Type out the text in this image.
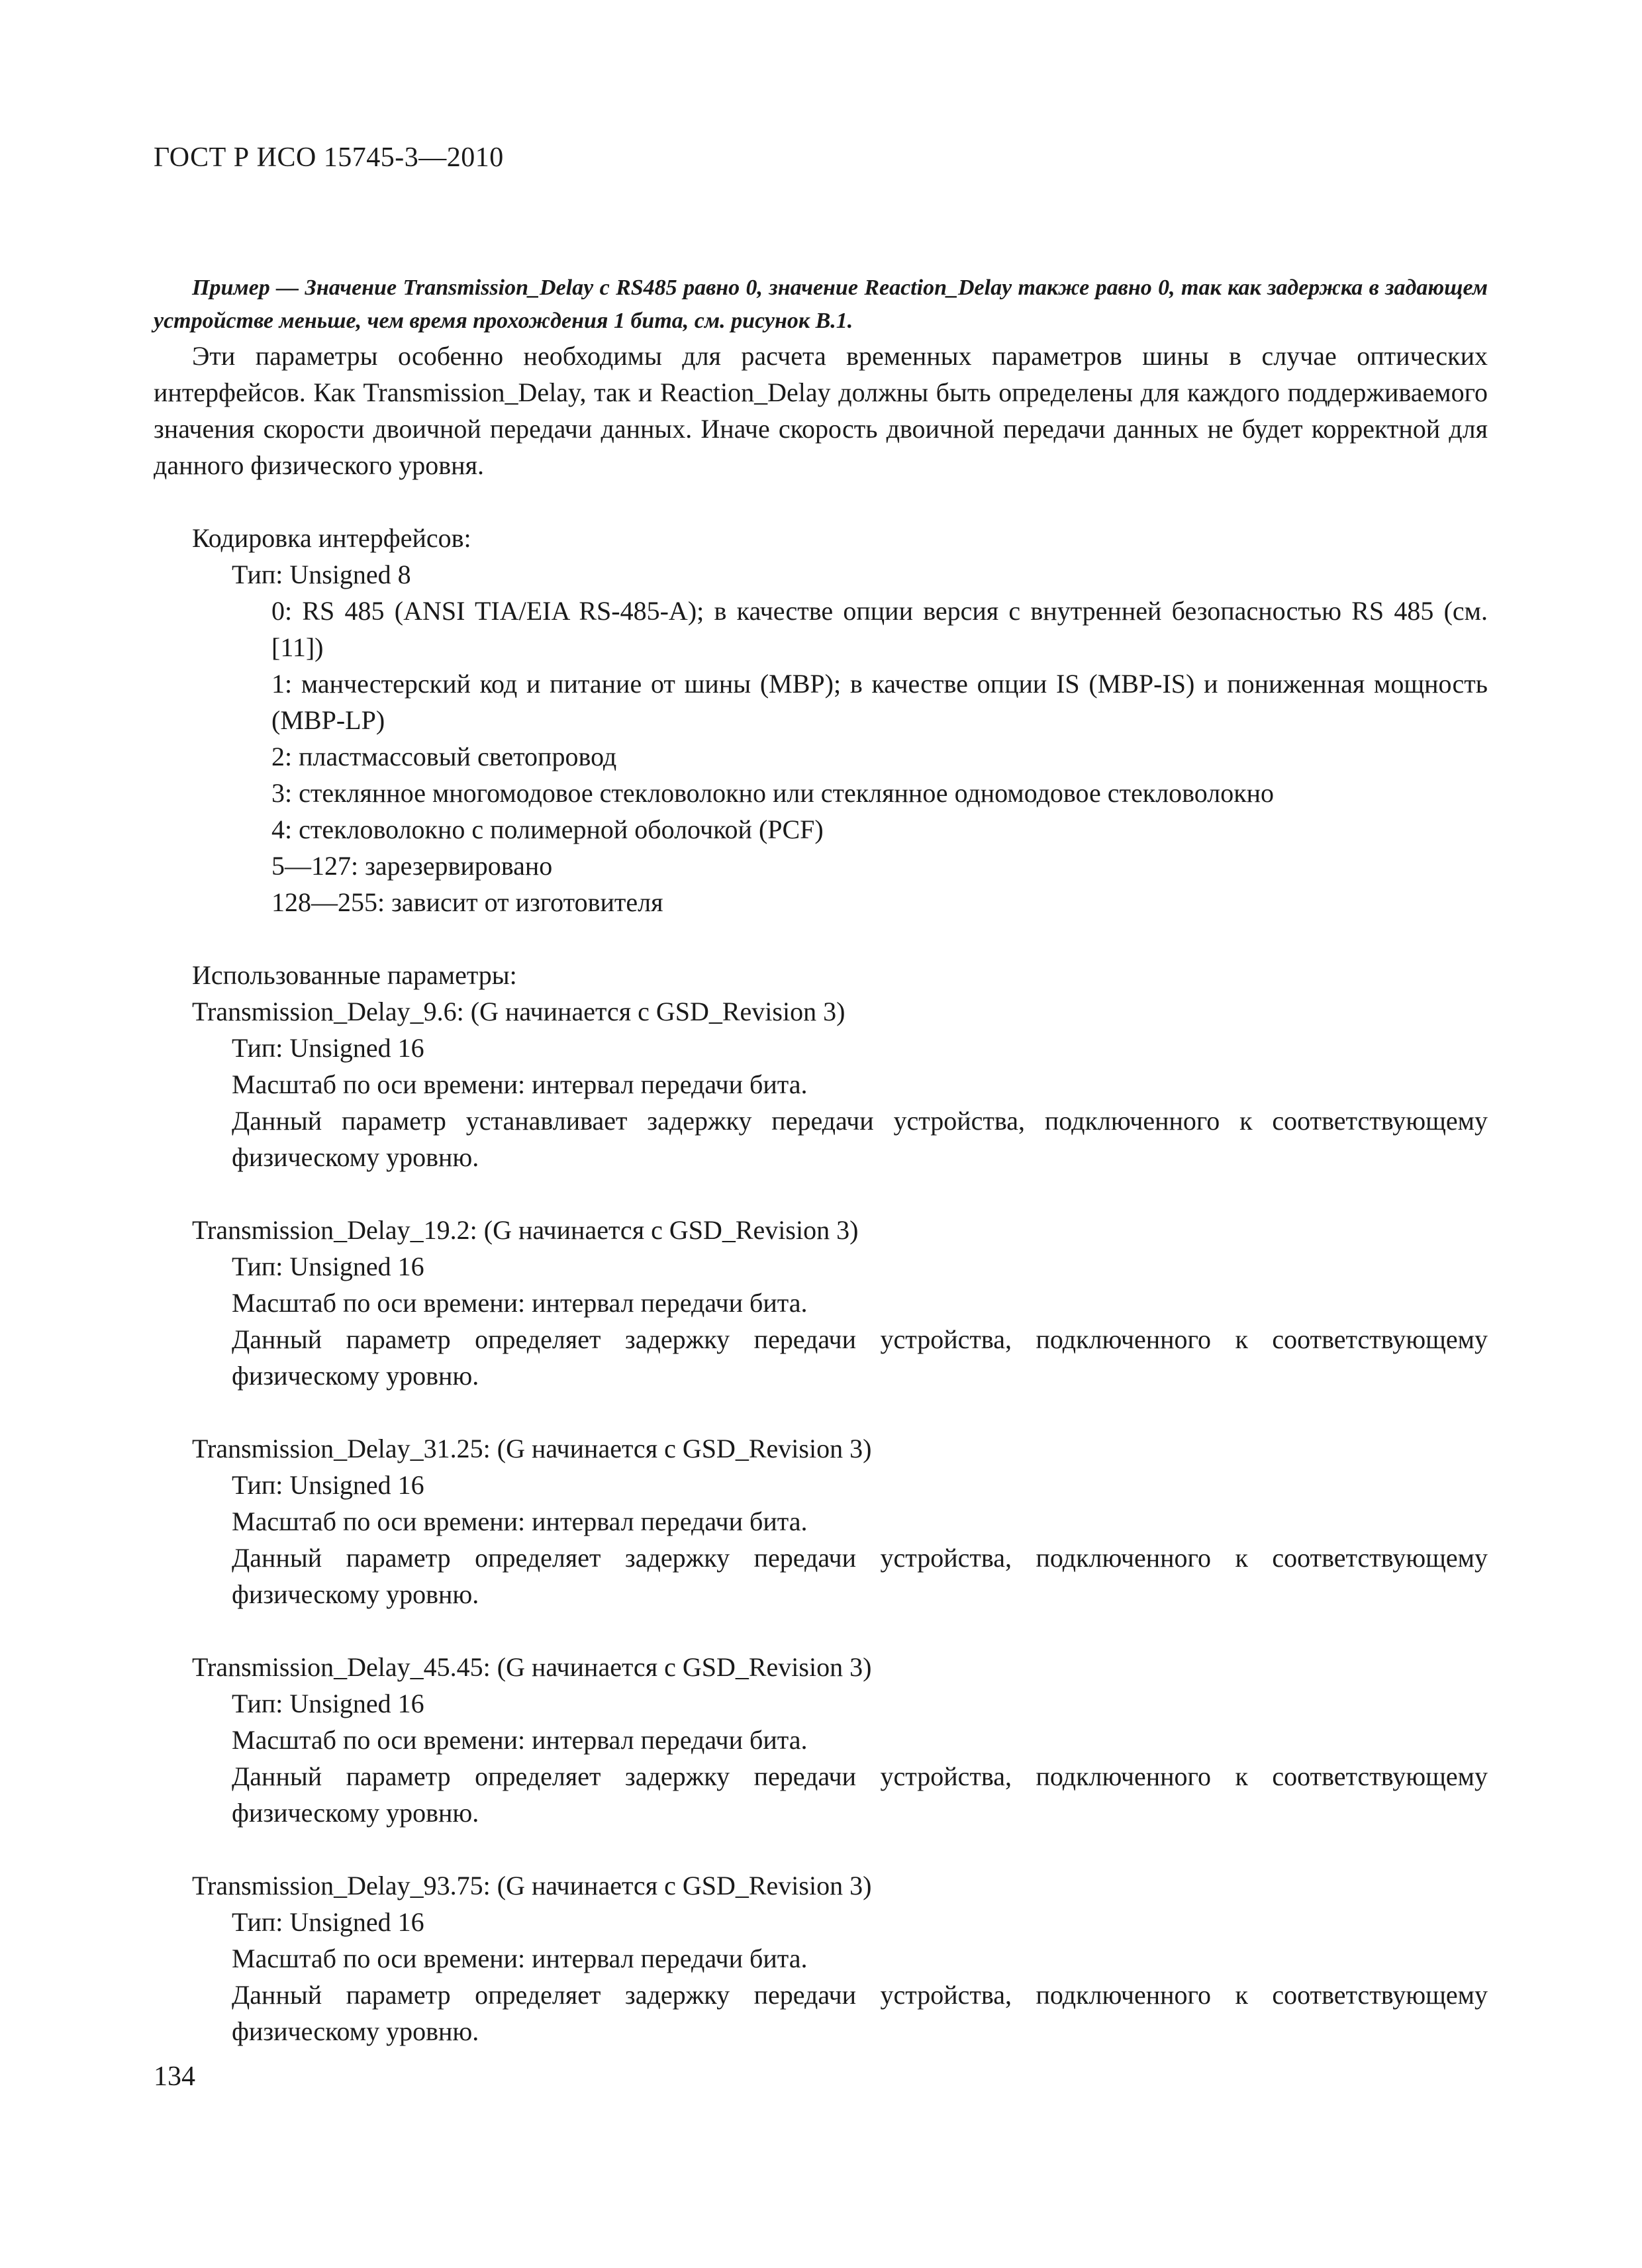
ГОСТ Р ИСО 15745-3—2010

Пример — Значение Transmission_Delay с RS485 равно 0, значение Reaction_Delay также равно 0, так как задержка в задающем устройстве меньше, чем время прохождения 1 бита, см. рисунок В.1.

Эти параметры особенно необходимы для расчета временных параметров шины в случае оптических интерфейсов. Как Transmission_Delay, так и Reaction_Delay должны быть определены для каждого поддерживаемого значения скорости двоичной передачи данных. Иначе скорость двоичной передачи данных не будет корректной для данного физического уровня.

Кодировка интерфейсов:

Тип: Unsigned 8

0: RS 485 (ANSI TIA/EIA RS-485-A); в качестве опции версия с внутренней безопасностью RS 485 (см. [11])

1: манчестерский код и питание от шины (MBP); в качестве опции IS (MBP-IS) и пониженная мощность (MBP-LP)

2: пластмассовый светопровод

3: стеклянное многомодовое стекловолокно или стеклянное одномодовое стекловолокно

4: стекловолокно с полимерной оболочкой (PCF)

5—127: зарезервировано

128—255: зависит от изготовителя

Использованные параметры:

Transmission_Delay_9.6: (G начинается с GSD_Revision 3)

Тип: Unsigned 16

Масштаб по оси времени: интервал передачи бита.

Данный параметр устанавливает задержку передачи устройства, подключенного к соответствующему физическому уровню.

Transmission_Delay_19.2: (G начинается с GSD_Revision 3)

Тип: Unsigned 16

Масштаб по оси времени: интервал передачи бита.

Данный параметр определяет задержку передачи устройства, подключенного к соответствующему физическому уровню.

Transmission_Delay_31.25: (G начинается с GSD_Revision 3)

Тип: Unsigned 16

Масштаб по оси времени: интервал передачи бита.

Данный параметр определяет задержку передачи устройства, подключенного к соответствующему физическому уровню.

Transmission_Delay_45.45: (G начинается с GSD_Revision 3)

Тип: Unsigned 16

Масштаб по оси времени: интервал передачи бита.

Данный параметр определяет задержку передачи устройства, подключенного к соответствующему физическому уровню.

Transmission_Delay_93.75: (G начинается с GSD_Revision 3)

Тип: Unsigned 16

Масштаб по оси времени: интервал передачи бита.

Данный параметр определяет задержку передачи устройства, подключенного к соответствующему физическому уровню.

134
